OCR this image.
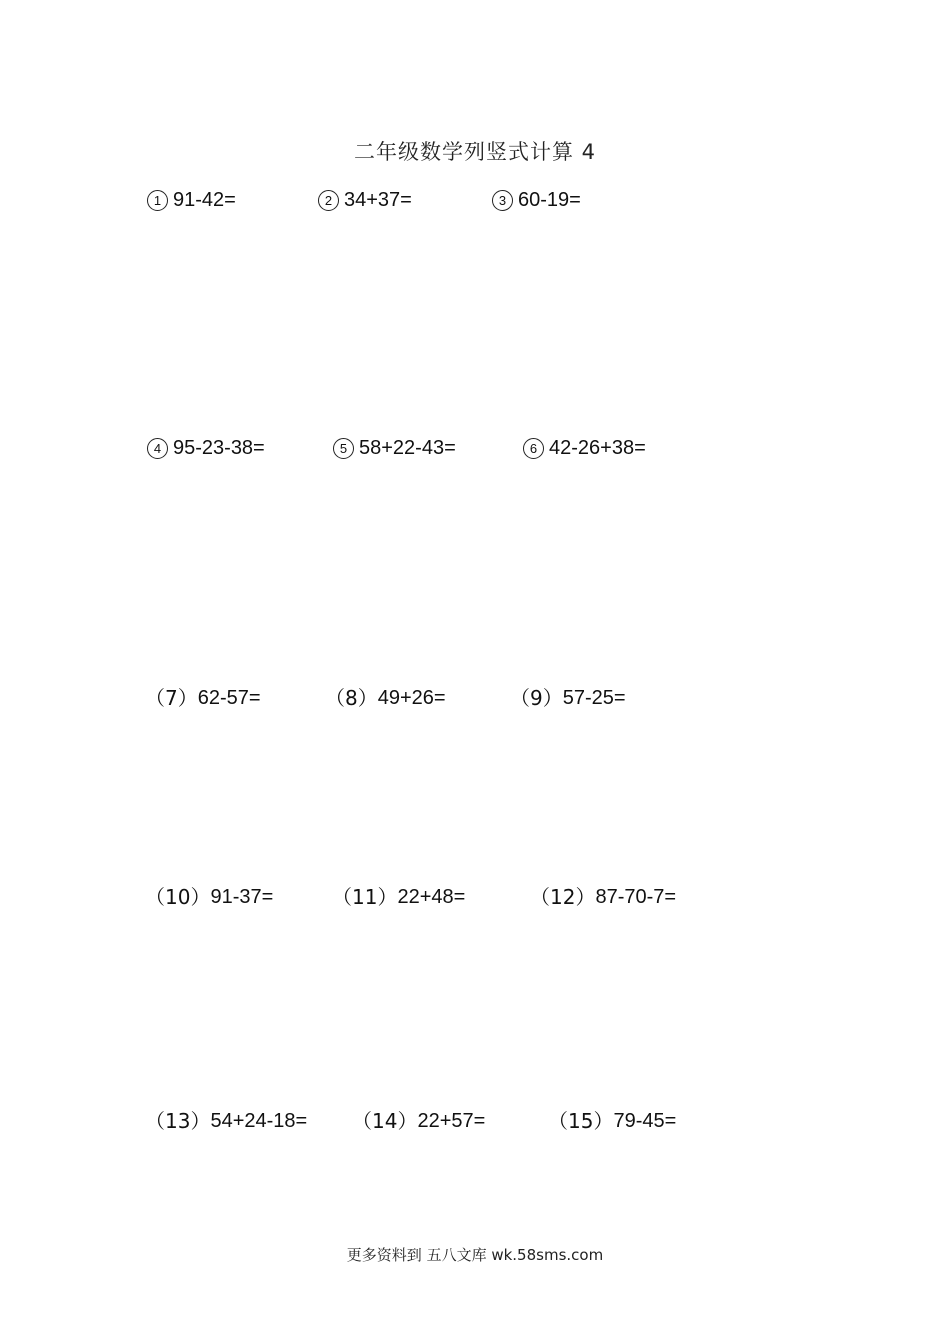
二年级数学列竖式计算 4
1 91-42=	2 34+37=	3 60-19=
4 95-23-38=	5 58+22-43=	6 42-26+38=
（7） 62-57=	（8） 49+26=	（9） 57-25=
（10） 91-37=	（11） 22+48=	（12） 87-70-7=
（13） 54+24-18= （14） 22+57=	（15） 79-45=
更多资料到 五八文库 wk.58sms.com
